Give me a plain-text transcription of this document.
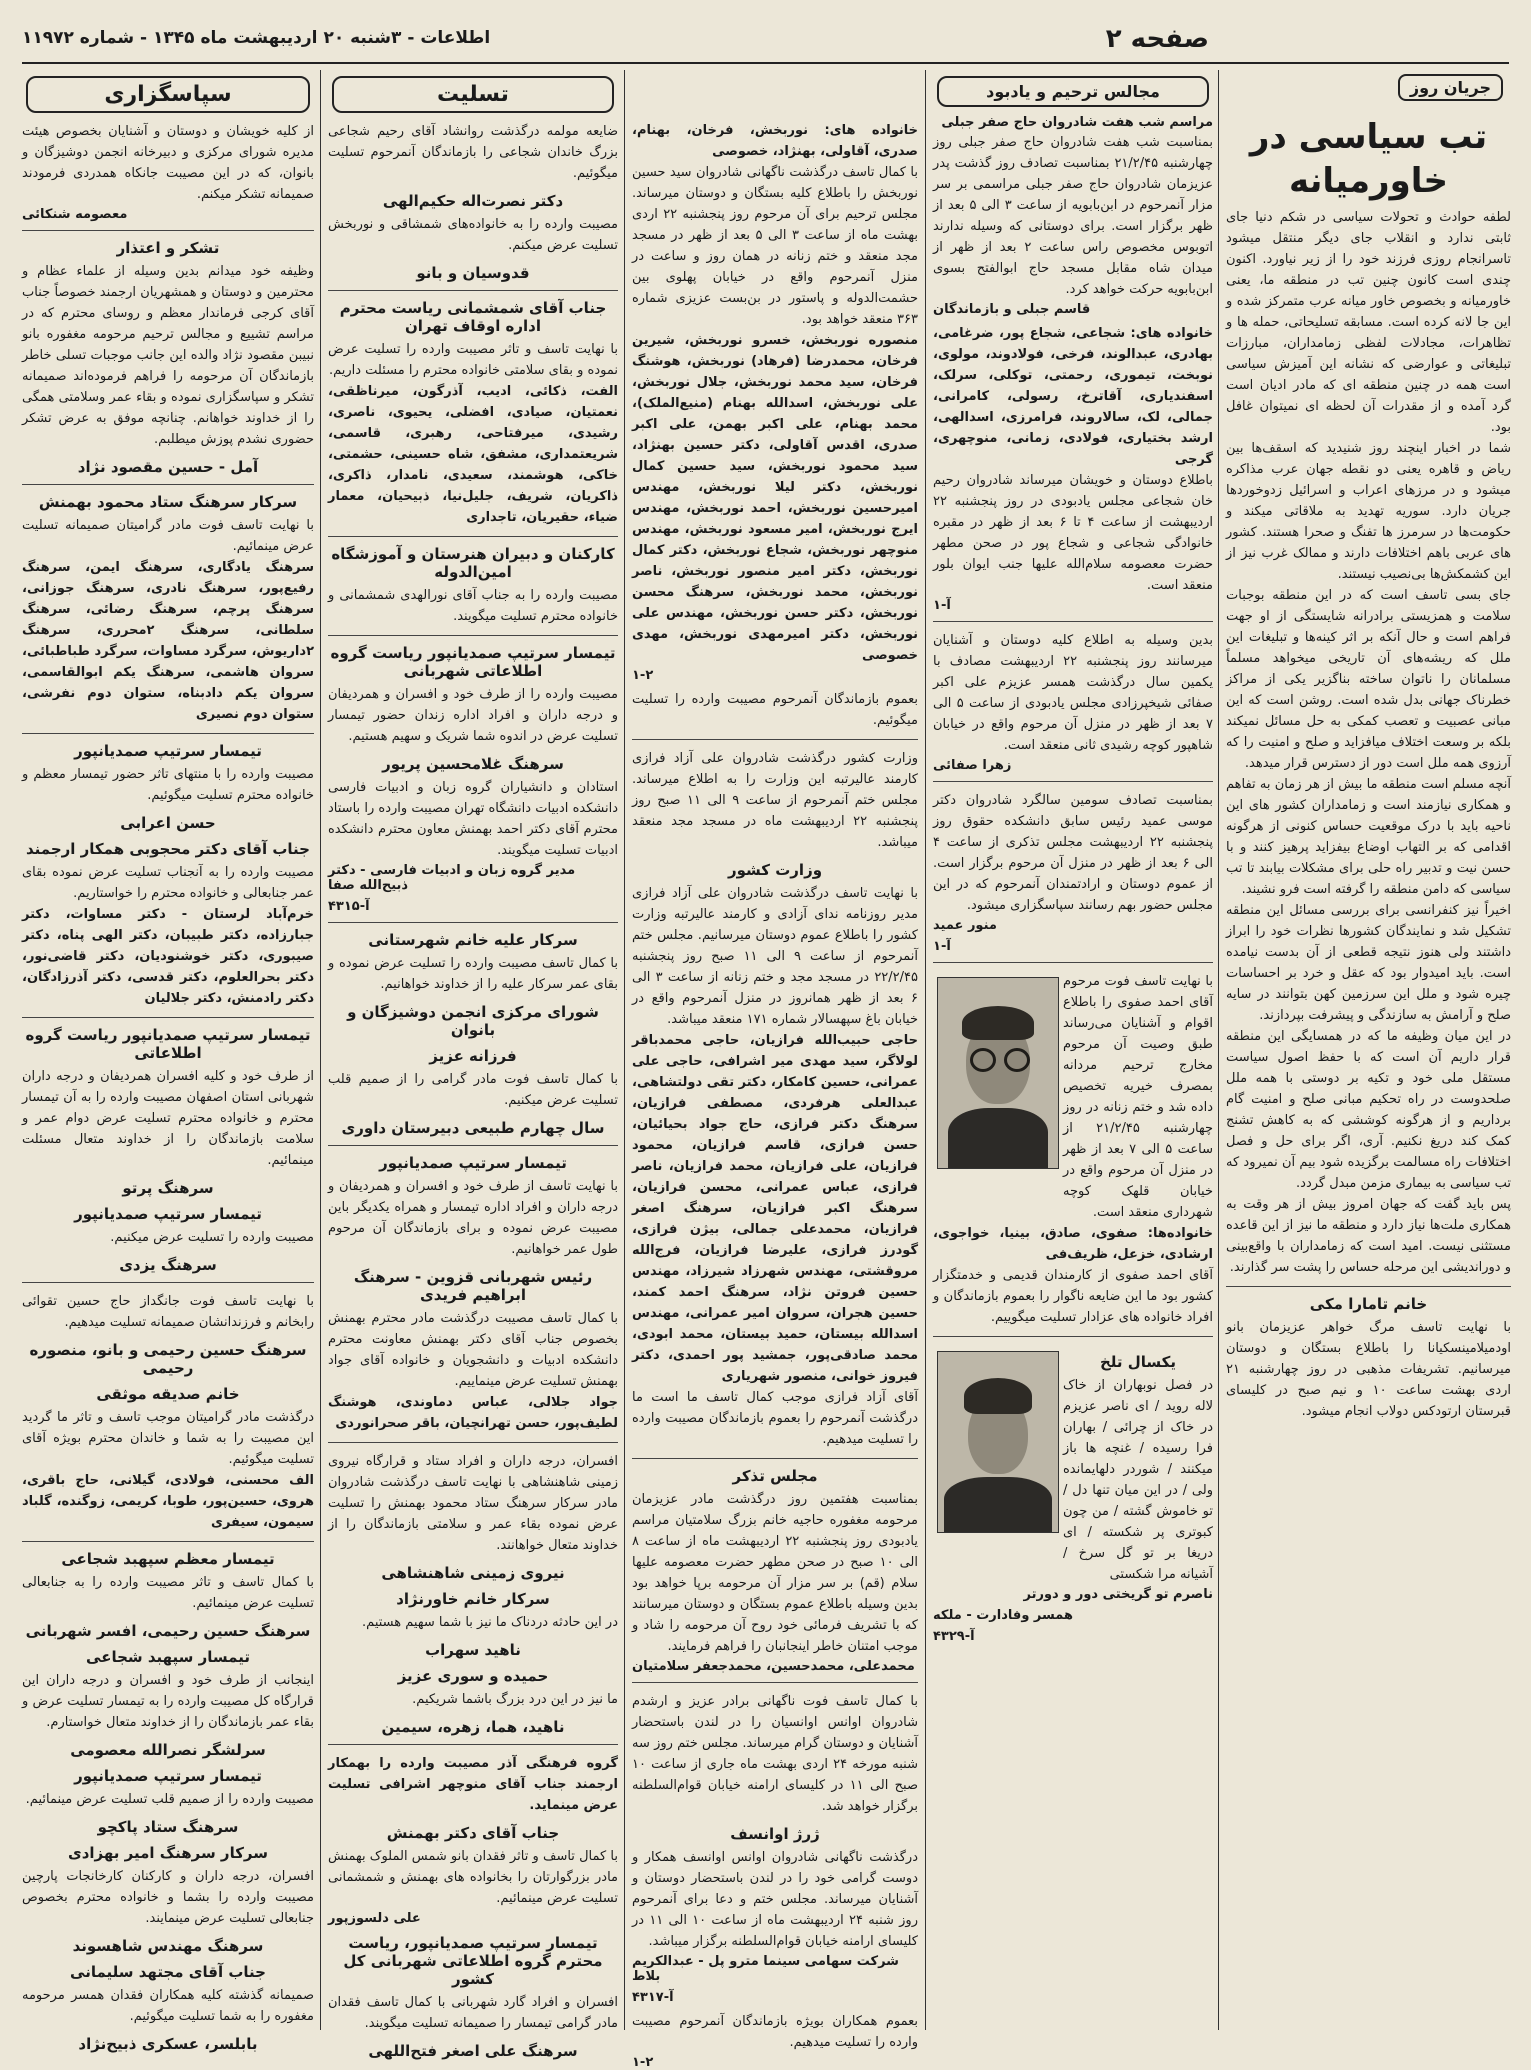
صفحه ۲
اطلاعات - ۳شنبه ۲۰ اردیبهشت ماه ۱۳۴۵ - شماره ۱۱۹۷۲
جریان روز
تب سیاسی در خاورمیانه

لطفه حوادث و تحولات سیاسی در شکم دنیا جای ثابتی ندارد و انقلاب جای دیگر منتقل میشود تاسرانجام روزی فرزند خود را از زیر نیاورد. اکنون چندی است کانون چنین تب در منطقه ما، یعنی خاورمیانه و بخصوص خاور میانه عرب متمرکز شده و این جا لانه کرده است. مسابقه تسلیحاتی، حمله ها و تظاهرات، مجادلات لفظی زمامداران، مبارزات تبلیغاتی و عوارضی که نشانه این آمیزش سیاسی است همه در چنین منطقه ای که مادر ادیان است گرد آمده و از مقدرات آن لحظه ای نمیتوان غافل بود.

شما در اخبار اینچند روز شنیدید که اسقف‌ها بین ریاض و قاهره یعنی دو نقطه جهان عرب مذاکره میشود و در مرزهای اعراب و اسرائیل زدوخورد‌ها جریان دارد. سوریه تهدید به ملاقاتی میکند و حکومت‌ها در سرمرز ها تفنگ و صحرا هستند. کشور های عربی باهم اختلافات دارند و ممالک غرب نیز از این کشمکش‌ها بی‌نصیب نیستند.

جای بسی تاسف است که در این منطقه بوجبات سلامت و همزیستی برادرانه شایستگی از او جهت فراهم است و حال آنکه بر اثر کینه‌ها و تبلیغات این ملل که ریشه‌های آن تاریخی میخواهد مسلماً مسلمانان را ناتوان ساخته بناگزیر یکی از مراکز خطرناک جهانی بدل شده است. روشن است که این مبانی عصبیت و تعصب کمکی به حل مسائل نمیکند بلکه بر وسعت اختلاف میافزاید و صلح و امنیت را که آرزوی همه ملل است دور از دسترس قرار میدهد.

آنچه مسلم است منطقه ما بیش از هر زمان به تفاهم و همکاری نیازمند است و زمامداران کشور های این ناحیه باید با درک موقعیت حساس کنونی از هرگونه اقدامی که بر التهاب اوضاع بیفزاید پرهیز کنند و با حسن نیت و تدبیر راه حلی برای مشکلات بیابند تا تب سیاسی که دامن منطقه را گرفته است فرو نشیند.

اخیراً نیز کنفرانسی برای بررسی مسائل این منطقه تشکیل شد و نمایندگان کشورها نظرات خود را ابراز داشتند ولی هنوز نتیجه قطعی از آن بدست نیامده است. باید امیدوار بود که عقل و خرد بر احساسات چیره شود و ملل این سرزمین کهن بتوانند در سایه صلح و آرامش به سازندگی و پیشرفت بپردازند.

در این میان وظیفه ما که در همسایگی این منطقه قرار داریم آن است که با حفظ اصول سیاست مستقل ملی خود و تکیه بر دوستی با همه ملل صلحدوست در راه تحکیم مبانی صلح و امنیت گام برداریم و از هرگونه کوششی که به کاهش تشنج کمک کند دریغ نکنیم. آری، اگر برای حل و فصل اختلافات راه مسالمت برگزیده شود بیم آن نمیرود که تب سیاسی به بیماری مزمن مبدل گردد.

پس باید گفت که جهان امروز بیش از هر وقت به همکاری ملت‌ها نیاز دارد و منطقه ما نیز از این قاعده مستثنی نیست. امید است که زمامداران با واقع‌بینی و دوراندیشی این مرحله حساس را پشت سر گذارند.

خانم تامارا مکی

با نهایت تاسف مرگ خواهر عزیزمان بانو اودمیلامینسکیانا را باطلاع بستگان و دوستان میرسانیم. تشریفات مذهبی در روز چهارشنبه ۲۱ اردی بهشت ساعت ۱۰ و نیم صبح در کلیسای قبرستان ارتودکس دولاب انجام میشود.

مجالس ترحیم و یادبود
مراسم شب هفت شادروان حاج صفر جبلی

بمناسبت شب هفت شادروان حاج صفر جبلی روز چهارشنبه ۲۱/۲/۴۵ بمناسبت تصادف روز گذشت پدر عزیزمان شادروان حاج صفر جبلی مراسمی بر سر مزار آنمرحوم در ابن‌بابویه از ساعت ۳ الی ۵ بعد از ظهر برگزار است. برای دوستانی که وسیله ندارند اتوبوس مخصوص راس ساعت ۲ بعد از ظهر از میدان شاه مقابل مسجد حاج ابوالفتح بسوی ابن‌بابویه حرکت خواهد کرد.

قاسم جبلی و بازماندگان

خانواده های: شجاعی، شجاع پور، ضرغامی، بهادری، عبدالوند، فرخی، فولادوند، مولوی، نوبخت، تیموری، رحمتی، توکلی، سرلک، اسفندیاری، آقاترخ، رسولی، کامرانی، جمالی، لک، سالاروند، فرامرزی، اسدالهی، ارشد بختیاری، فولادی، زمانی، منوچهری، گرجی

باطلاع دوستان و خویشان میرساند شادروان رحیم خان شجاعی مجلس یادبودی در روز پنجشنبه ۲۲ اردیبهشت از ساعت ۴ تا ۶ بعد از ظهر در مقبره خانوادگی شجاعی و شجاع پور در صحن مطهر حضرت معصومه سلام‌الله علیها جنب ایوان بلور منعقد است.

آ-۱

بدین وسیله به اطلاع کلیه دوستان و آشنایان میرسانند روز پنجشنبه ۲۲ اردیبهشت مصادف با یکمین سال درگذشت همسر عزیزم علی اکبر صفائی شیخپرزادی مجلس یادبودی از ساعت ۵ الی ۷ بعد از ظهر در منزل آن مرحوم واقع در خیابان شاهپور کوچه رشیدی ثانی منعقد است.

زهرا صفائی

بمناسبت تصادف سومین سالگرد شادروان دکتر موسی عمید رئیس سابق دانشکده حقوق روز پنجشنبه ۲۲ اردیبهشت مجلس تذکری از ساعت ۴ الی ۶ بعد از ظهر در منزل آن مرحوم برگزار است. از عموم دوستان و ارادتمندان آنمرحوم که در این مجلس حضور بهم رسانند سپاسگزاری میشود.

منور عمید
آ-۱

با نهایت تاسف فوت مرحوم آقای احمد صفوی را باطلاع اقوام و آشنایان می‌رساند طبق وصیت آن مرحوم مخارج ترحیم مردانه بمصرف خیریه تخصیص داده شد و ختم زنانه در روز چهارشنبه ۲۱/۲/۴۵ از ساعت ۵ الی ۷ بعد از ظهر در منزل آن مرحوم واقع در خیابان قلهک کوچه شهرداری منعقد است.

خانواده‌ها: صفوی، صادق، بینیا، خواجوی، ارشادی، خزعل، ظریف‌فی

آقای احمد صفوی از کارمندان قدیمی و خدمتگزار کشور بود ما این ضایعه ناگوار را بعموم بازماندگان و افراد خانواده های عزادار تسلیت میگوییم.

یکسال تلخ

در فصل نوبهاران از خاک لاله روید / ای ناصر عزیزم در خاک از چرائی / بهاران فرا رسیده / غنچه ها باز میکنند / شوردر دلهایمانده ولی / در این میان تنها دل / تو خاموش گشته / من چون کبوتری پر شکسته / ای دریغا بر تو گل سرخ / آشیانه مرا شکستی

ناصرم تو گریختی دور و دورتر
همسر وفادارت - ملکه
آ-۴۳۲۹

خانواده های: نوربخش، فرخان، بهنام، صدری، آقاولی، بهنژاد، خصوصی

با کمال تاسف درگذشت ناگهانی شادروان سید حسین نوربخش را باطلاع کلیه بستگان و دوستان میرساند. مجلس ترحیم برای آن مرحوم روز پنجشنبه ۲۲ اردی بهشت ماه از ساعت ۳ الی ۵ بعد از ظهر در مسجد مجد منعقد و ختم زنانه در همان روز و ساعت در منزل آنمرحوم واقع در خیابان پهلوی بین حشمت‌الدوله و پاستور در بن‌بست عزیزی شماره ۳۶۳ منعقد خواهد بود.

منصوره نوربخش، خسرو نوربخش، شیرین فرخان، محمدرضا (فرهاد) نوربخش، هوشنگ فرخان، سید محمد نوربخش، جلال نوربخش، علی نوربخش، اسدالله بهنام (منیع‌الملک)، محمد بهنام، علی اکبر بهمن، علی اکبر صدری، اقدس آقاولی، دکتر حسین بهنژاد، سید محمود نوربخش، سید حسین کمال نوربخش، دکتر لیلا نوربخش، مهندس امیرحسین نوربخش، احمد نوربخش، مهندس ایرج نوربخش، امیر مسعود نوربخش، مهندس منوچهر نوربخش، شجاع نوربخش، دکتر کمال نوربخش، دکتر امیر منصور نوربخش، ناصر نوربخش، محمد نوربخش، سرهنگ محسن نوربخش، دکتر حسن نوربخش، مهندس علی نوربخش، دکتر امیرمهدی نوربخش، مهدی خصوصی

۱-۲

بعموم بازماندگان آنمرحوم مصیبت وارده را تسلیت میگوئیم.

وزارت کشور درگذشت شادروان علی آزاد فرازی کارمند عالیرتبه این وزارت را به اطلاع میرساند. مجلس ختم آنمرحوم از ساعت ۹ الی ۱۱ صبح روز پنجشنبه ۲۲ اردیبهشت ماه در مسجد مجد منعقد میباشد.

وزارت کشور

با نهایت تاسف درگذشت شادروان علی آزاد فرازی مدیر روزنامه ندای آزادی و کارمند عالیرتبه وزارت کشور را باطلاع عموم دوستان میرسانیم. مجلس ختم آنمرحوم از ساعت ۹ الی ۱۱ صبح روز پنجشنبه ۲۲/۲/۴۵ در مسجد مجد و ختم زنانه از ساعت ۳ الی ۶ بعد از ظهر همانروز در منزل آنمرحوم واقع در خیابان باغ سپهسالار شماره ۱۷۱ منعقد میباشد.

حاجی حبیب‌الله فرازیان، حاجی محمدباقر لولاگر، سید مهدی میر اشرافی، حاجی علی عمرانی، حسین کامکار، دکتر تقی دولتشاهی، عبدالعلی هرفردی، مصطفی فرازیان، سرهنگ دکتر فرازی، حاج جواد بحیائیان، حسن فرازی، قاسم فرازیان، محمود فرازیان، علی فرازیان، محمد فرازیان، ناصر فرازی، عباس عمرانی، محسن فرازیان، سرهنگ اکبر فرازیان، سرهنگ اصغر فرازیان، محمدعلی جمالی، بیژن فرازی، گودرز فرازی، علیرضا فرازیان، فرج‌الله مروقشتی، مهندس شهرزاد شیرزاد، مهندس حسین فروتن نژاد، سرهنگ احمد کمند، حسین هجران، سروان امیر عمرانی، مهندس اسدالله بیستان، حمید بیستان، محمد ابودی، محمد صادقی‌پور، جمشید پور احمدی، دکتر فیروز خوانی، منصور شهریاری

آقای آزاد فرازی موجب کمال تاسف ما است ما درگذشت آنمرحوم را بعموم بازماندگان مصیبت وارده را تسلیت میدهیم.

مجلس تذکر

بمناسبت هفتمین روز درگذشت مادر عزیزمان مرحومه مغفوره حاجیه خانم بزرگ سلامتیان مراسم یادبودی روز پنجشنبه ۲۲ اردیبهشت ماه از ساعت ۸ الی ۱۰ صبح در صحن مطهر حضرت معصومه علیها سلام (قم) بر سر مزار آن مرحومه برپا خواهد بود بدین وسیله باطلاع عموم بستگان و دوستان میرسانند که با تشریف فرمائی خود روح آن مرحومه را شاد و موجب امتنان خاطر اینجانبان را فراهم فرمایند.

محمدعلی، محمدحسین، محمدجعفر سلامتیان

با کمال تاسف فوت ناگهانی برادر عزیز و ارشدم شادروان اوانس اوانسیان را در لندن باستحضار آشنایان و دوستان گرام میرساند. مجلس ختم روز سه شنبه مورخه ۲۴ اردی بهشت ماه جاری از ساعت ۱۰ صبح الی ۱۱ در کلیسای ارامنه خیابان قوام‌السلطنه برگزار خواهد شد.

ژرژ اوانسف

درگذشت ناگهانی شادروان اوانس اوانسف همکار و دوست گرامی خود را در لندن باستحضار دوستان و آشنایان میرساند. مجلس ختم و دعا برای آنمرحوم روز شنبه ۲۴ اردیبهشت ماه از ساعت ۱۰ الی ۱۱ در کلیسای ارامنه خیابان قوام‌السلطنه برگزار میباشد.

شرکت سهامی سینما مترو پل - عبدالکریم بلاط
آ-۴۳۱۷

بعموم همکاران بویژه بازماندگان آنمرحوم مصیبت وارده را تسلیت میدهیم.

۱-۲
تسلیت

ضایعه مولمه درگذشت روانشاد آقای رحیم شجاعی بزرگ خاندان شجاعی را بازماندگان آنمرحوم تسلیت میگوئیم.

دکتر نصرت‌اله حکیم‌الهی

مصیبت وارده را به خانواده‌های شمشاقی و نوربخش تسلیت عرض میکنم.

قدوسیان و بانو
جناب آقای شمشمانی ریاست محترم اداره اوقاف تهران

با نهایت تاسف و تاثر مصیبت وارده را تسلیت عرض نموده و بقای سلامتی خانواده محترم را مسئلت داریم.

الفت، ذکائی، ادیب، آذرگون، میرناظقی، نعمتیان، صیادی، افضلی، یحیوی، ناصری، رشیدی، میرفتاحی، رهبری، قاسمی، شریعتمداری، مشفق، شاه حسینی، حشمتی، خاکی، هوشمند، سعیدی، نامدار، ذاکری، ذاکریان، شریف، جلیل‌نیا، ذبیحیان، معمار ضیاء، حقیریان، تاجداری

کارکنان و دبیران هنرستان و آموزشگاه امین‌الدوله

مصیبت وارده را به جناب آقای نورالهدی شمشمانی و خانواده محترم تسلیت میگویند.

تیمسار سرتیپ صمدیانپور ریاست گروه اطلاعاتی شهربانی

مصیبت وارده را از طرف خود و افسران و همردیفان و درجه داران و افراد اداره زندان حضور تیمسار تسلیت عرض در اندوه شما شریک و سهیم هستیم.

سرهنگ غلامحسین پریور

استادان و دانشیاران گروه زبان و ادبیات فارسی دانشکده ادبیات دانشگاه تهران مصیبت وارده را باستاد محترم آقای دکتر احمد بهمنش معاون محترم دانشکده ادبیات تسلیت میگویند.

مدیر گروه زبان و ادبیات فارسی - دکتر ذبیح‌الله صفا
آ-۴۳۱۵
سرکار علیه خانم شهرستانی

با کمال تاسف مصیبت وارده را تسلیت عرض نموده و بقای عمر سرکار علیه را از خداوند خواهانیم.

شورای مرکزی انجمن دوشیزگان و بانوان
فرزانه عزیز

با کمال تاسف فوت مادر گرامی را از صمیم قلب تسلیت عرض میکنیم.

سال چهارم طبیعی دبیرستان داوری
تیمسار سرتیپ صمدیانپور

با نهایت تاسف از طرف خود و افسران و همردیفان و درجه داران و افراد اداره تیمسار و همراه یکدیگر باین مصیبت عرض نموده و برای بازماندگان آن مرحوم طول عمر خواهانیم.

رئیس شهربانی قزوین - سرهنگ ابراهیم فریدی

با کمال تاسف مصیبت درگذشت مادر محترم بهمنش بخصوص جناب آقای دکتر بهمنش معاونت محترم دانشکده ادبیات و دانشجویان و خانواده آقای جواد بهمنش تسلیت عرض مینماییم.

جواد جلالی، عباس دماوندی، هوشنگ لطیف‌پور، حسن تهرانچیان، باقر صحرانوردی

افسران، درجه داران و افراد ستاد و قرارگاه نیروی زمینی شاهنشاهی با نهایت تاسف درگذشت شادروان مادر سرکار سرهنگ ستاد محمود بهمنش را تسلیت عرض نموده بقاء عمر و سلامتی بازماندگان را از خداوند متعال خواهانند.

نیروی زمینی شاهنشاهی
سرکار خانم خاورنژاد

در این حادثه دردناک ما نیز با شما سهیم هستیم.

ناهید سهراب
حمیده و سوری عزیز

ما نیز در این درد بزرگ باشما شریکیم.

ناهید، هما، زهره، سیمین

گروه فرهنگی آذر مصیبت وارده را بهمکار ارجمند جناب آقای منوچهر اشرافی تسلیت عرض مینماید.

جناب آقای دکتر بهمنش

با کمال تاسف و تاثر فقدان بانو شمس الملوک بهمنش مادر بزرگوارتان را بخانواده های بهمنش و شمشمانی تسلیت عرض مینمائیم.

علی دلسوزپور
تیمسار سرتیپ صمدیانپور، ریاست محترم گروه اطلاعاتی شهربانی کل کشور

افسران و افراد گارد شهربانی با کمال تاسف فقدان مادر گرامی تیمسار را صمیمانه تسلیت میگویند.

سرهنگ علی اصغر فتح‌اللهی
سپاسگزاری

از کلیه خویشان و دوستان و آشنایان بخصوص هیئت مدیره شورای مرکزی و دبیرخانه انجمن دوشیزگان و بانوان، که در این مصیبت جانکاه همدردی فرمودند صمیمانه تشکر میکنم.

معصومه شنکائی
تشکر و اعتذار

وظیفه خود میدانم بدین وسیله از علماء عظام و محترمین و دوستان و همشهریان ارجمند خصوصاً جناب آقای کرجی فرماندار معظم و روسای محترم که در مراسم تشییع و مجالس ترحیم مرحومه مغفوره بانو نبیبن مقصود نژاد والده این جانب موجبات تسلی خاطر بازماندگان آن مرحومه را فراهم فرموده‌اند صمیمانه تشکر و سپاسگزاری نموده و بقاء عمر وسلامتی همگی را از خداوند خواهانم. چنانچه موفق به عرض تشکر حضوری نشدم پوزش میطلبم.

آمل - حسین مقصود نژاد
سرکار سرهنگ ستاد محمود بهمنش

با نهایت تاسف فوت مادر گرامیتان صمیمانه تسلیت عرض مینمائیم.

سرهنگ یادگاری، سرهنگ ایمن، سرهنگ رفیع‌پور، سرهنگ نادری، سرهنگ جوزانی، سرهنگ پرچم، سرهنگ رضائی، سرهنگ سلطانی، سرهنگ ۲محرری، سرهنگ ۲داریوش، سرگرد مساوات، سرگرد طباطبائی، سروان هاشمی، سرهنگ یکم ابوالقاسمی، سروان یکم دادبناه، ستوان دوم نفرشی، ستوان دوم نصیری

تیمسار سرتیپ صمدیانپور

مصیبت وارده را با منتهای تاثر حضور تیمسار معظم و خانواده محترم تسلیت میگوئیم.

حسن اعرابی
جناب آقای دکتر محجوبی همکار ارجمند

مصیبت وارده را به آنجناب تسلیت عرض نموده بقای عمر جنابعالی و خانواده محترم را خواستاریم.

خرم‌آباد لرستان - دکتر مساوات، دکتر جبارزاده، دکتر طبیبان، دکتر الهی پناه، دکتر صیبوری، دکتر خوشنودیان، دکتر قاضی‌نور، دکتر بحرالعلوم، دکتر قدسی، دکتر آذرزادگان، دکتر رادمنش، دکتر جلالیان

تیمسار سرتیپ صمدیانپور ریاست گروه اطلاعاتی

از طرف خود و کلیه افسران همردیفان و درجه داران شهربانی استان اصفهان مصیبت وارده را به آن تیمسار محترم و خانواده محترم تسلیت عرض دوام عمر و سلامت بازماندگان را از خداوند متعال مسئلت مینمائیم.

سرهنگ پرتو
تیمسار سرتیپ صمدیانپور

مصیبت وارده را تسلیت عرض میکنیم.

سرهنگ یزدی

با نهایت تاسف فوت جانگداز حاج حسین تقوائی رابخانم و فرزندانشان صمیمانه تسلیت میدهیم.

سرهنگ حسین رحیمی و بانو، منصوره رحیمی
خانم صدیقه موثقی

درگذشت مادر گرامیتان موجب تاسف و تاثر ما گردید این مصیبت را به شما و خاندان محترم بویژه آقای تسلیت میگوئیم.

الف محسنی، فولادی، گیلانی، حاج باقری، هروی، حسین‌پور، طوبا، کریمی، زوگنده، گلباد سیمون، سیفری

تیمسار معظم سپهبد شجاعی

با کمال تاسف و تاثر مصیبت وارده را به جنابعالی تسلیت عرض مینمائیم.

سرهنگ حسین رحیمی، افسر شهربانی
تیمسار سپهبد شجاعی

اینجانب از طرف خود و افسران و درجه داران این قرارگاه کل مصیبت وارده را به تیمسار تسلیت عرض و بقاء عمر بازماندگان را از خداوند متعال خواستارم.

سرلشگر نصرالله معصومی
تیمسار سرتیپ صمدیانپور

مصیبت وارده را از صمیم قلب تسلیت عرض مینمائیم.

سرهنگ ستاد پاکچو
سرکار سرهنگ امیر بهزادی

افسران، درجه داران و کارکنان کارخانجات پارچین مصیبت وارده را بشما و خانواده محترم بخصوص جنابعالی تسلیت عرض مینمایند.

سرهنگ مهندس شاهسوند
جناب آقای مجتهد سلیمانی

صمیمانه گذشته کلیه همکاران فقدان همسر مرحومه مغفوره را به شما تسلیت میگوئیم.

بابلسر، عسکری ذبیح‌نژاد
